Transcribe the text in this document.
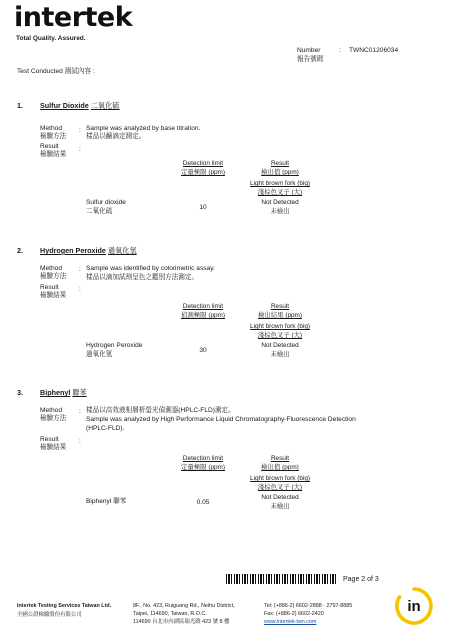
intertek
Total Quality. Assured.
Number
報告號碼
: TWNC01206034
Test Conducted 測試內容 :
1. Sulfur Dioxide 二氧化硫
Method
檢驗方法
: Sample was analyzed by base titration.
樣品以鹼滴定測定。
Result
檢驗結果
:
Detection limit
定量極限 (ppm)
Result
檢出值 (ppm)
Light brown fork (big)
淺棕色叉子 (大)
Sulfur dioxide
二氧化硫
10
Not Detected
未檢出
2. Hydrogen Peroxide 過氧化氫
Method
檢驗方法
: Sample was identified by colorimetric assay.
樣品以滴加試劑呈色之鑑別方法測定。
Result
檢驗結果
:
Detection limit
偵測極限 (ppm)
Result
檢出結果 (ppm)
Light brown fork (big)
淺棕色叉子 (大)
Hydrogen Peroxide
過氧化氫
30
Not Detected
未檢出
3. Biphenyl 聯苯
Method
檢驗方法
: 樣品以高效液相層析螢光偵測器(HPLC-FLD)測定。
Sample was analyzed by High Performance Liquid Chromatography-Fluorescence Detection
(HPLC-FLD).
Result
檢驗結果
:
Detection limit
定量極限 (ppm)
Result
檢出值 (ppm)
Light brown fork (big)
淺棕色叉子 (大)
Biphenyl 聯苯	0.05
Not Detected
未檢出
Page 2 of 3
Intertek Testing Services Taiwan Ltd.
全國公證檢驗股份有限公司
8F., No. 423, Ruiguang Rd., Neihu District,
Taipei, 114690, Taiwan, R.O.C.
114690 台北市內湖區瑞光路 423 號 8 樓
Tel: (+886-2) 6602-2888 · 2797-8885
Fax: (+886-2) 6602-2420
www.intertek-twn.com
in
